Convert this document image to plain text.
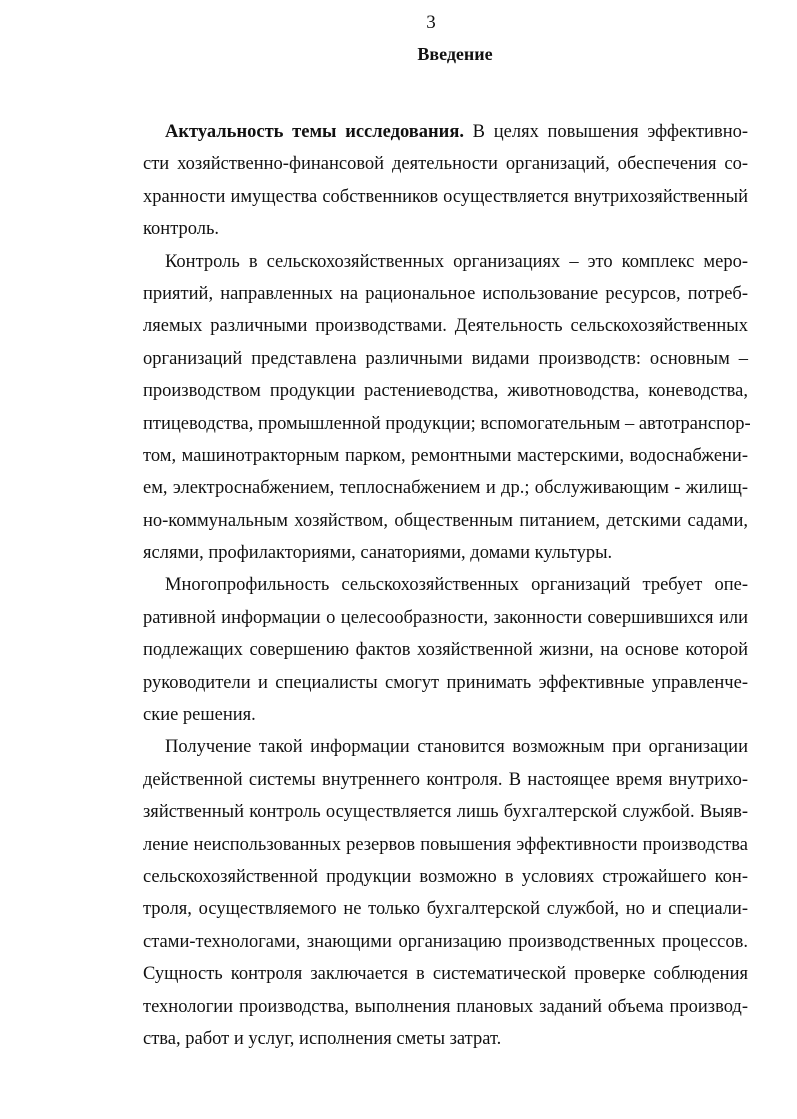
3
Введение
Актуальность темы исследования. В целях повышения эффективно-
сти хозяйственно-финансовой деятельности организаций, обеспечения со-
хранности имущества собственников осуществляется внутрихозяйственный
контроль.
Контроль в сельскохозяйственных организациях – это комплекс меро-
приятий, направленных на рациональное использование ресурсов, потреб-
ляемых различными производствами. Деятельность сельскохозяйственных
организаций представлена различными видами производств: основным –
производством продукции растениеводства, животноводства, коневодства,
птицеводства, промышленной продукции; вспомогательным – автотранспор-
том, машинотракторным парком, ремонтными мастерскими, водоснабжени-
ем, электроснабжением, теплоснабжением и др.; обслуживающим - жилищ-
но-коммунальным хозяйством, общественным питанием, детскими садами,
яслями, профилакториями, санаториями, домами культуры.
Многопрофильность сельскохозяйственных организаций требует опе-
ративной информации о целесообразности, законности совершившихся или
подлежащих совершению фактов хозяйственной жизни, на основе которой
руководители и специалисты смогут принимать эффективные управленче-
ские решения.
Получение такой информации становится возможным при организации
действенной системы внутреннего контроля. В настоящее время внутрихо-
зяйственный контроль осуществляется лишь бухгалтерской службой. Выяв-
ление неиспользованных резервов повышения эффективности производства
сельскохозяйственной продукции возможно в условиях строжайшего кон-
троля, осуществляемого не только бухгалтерской службой, но и специали-
стами-технологами, знающими организацию производственных процессов.
Сущность контроля заключается в систематической проверке соблюдения
технологии производства, выполнения плановых заданий объема производ-
ства, работ и услуг, исполнения сметы затрат.
